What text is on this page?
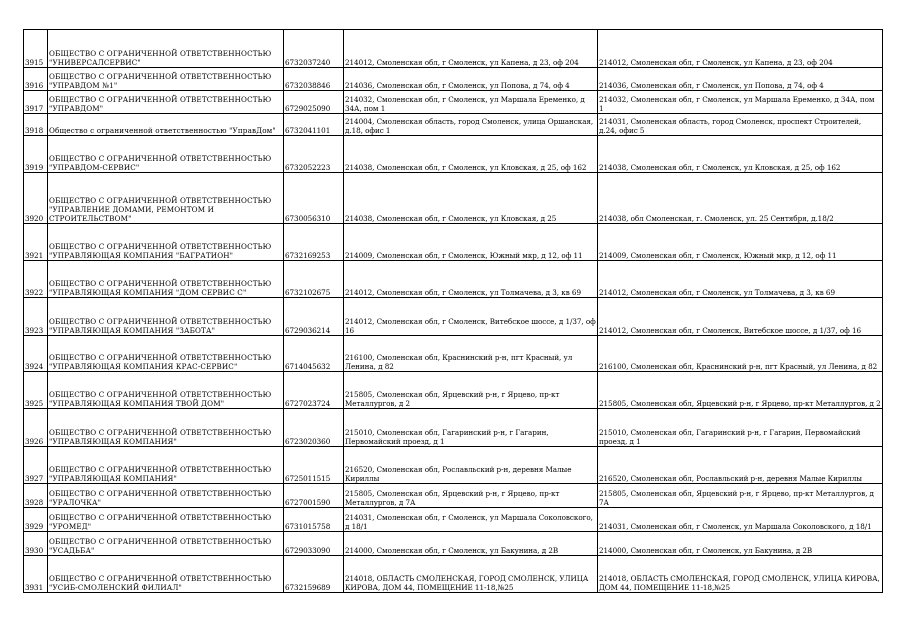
3915	ОБЩЕСТВО С ОГРАНИЧЕННОЙ ОТВЕТСТВЕННОСТЬЮ "УНИВЕРСАЛСЕРВИС"	6732037240	214012, Смоленская обл, г Смоленск, ул Капена, д 23, оф 204	214012, Смоленская обл, г Смоленск, ул Капена, д 23, оф 204
3916	ОБЩЕСТВО С ОГРАНИЧЕННОЙ ОТВЕТСТВЕННОСТЬЮ "УПРАВДОМ №1"	6732038846	214036, Смоленская обл, г Смоленск, ул Попова, д 74, оф 4	214036, Смоленская обл, г Смоленск, ул Попова, д 74, оф 4
3917	ОБЩЕСТВО С ОГРАНИЧЕННОЙ ОТВЕТСТВЕННОСТЬЮ "УПРАВДОМ"	6729025090	214032, Смоленская обл, г Смоленск, ул Маршала Еременко, д 34А, пом 1	214032, Смоленская обл, г Смоленск, ул Маршала Еременко, д 34А, пом 1
3918	Общество с ограниченной ответственностью "УправДом"	6732041101	214004, Смоленская область, город Смоленск, улица Оршанская, д.18, офис 1	214031, Смоленская область, город Смоленск, проспект Строителей, д.24, офис 5
3919	ОБЩЕСТВО С ОГРАНИЧЕННОЙ ОТВЕТСТВЕННОСТЬЮ "УПРАВДОМ-СЕРВИС"	6732052223	214038, Смоленская обл, г Смоленск, ул Кловская, д 25, оф 162	214038, Смоленская обл, г Смоленск, ул Кловская, д 25, оф 162
3920	ОБЩЕСТВО С ОГРАНИЧЕННОЙ ОТВЕТСТВЕННОСТЬЮ "УПРАВЛЕНИЕ ДОМАМИ, РЕМОНТОМ И СТРОИТЕЛЬСТВОМ"	6730056310	214038, Смоленская обл, г Смоленск, ул Кловская, д 25	214038, обл Смоленская, г. Смоленск, ул. 25 Сентября, д.18/2
3921	ОБЩЕСТВО С ОГРАНИЧЕННОЙ ОТВЕТСТВЕННОСТЬЮ "УПРАВЛЯЮЩАЯ КОМПАНИЯ "БАГРАТИОН"	6732169253	214009, Смоленская обл, г Смоленск, Южный мкр, д 12, оф 11	214009, Смоленская обл, г Смоленск, Южный мкр, д 12, оф 11
3922	ОБЩЕСТВО С ОГРАНИЧЕННОЙ ОТВЕТСТВЕННОСТЬЮ "УПРАВЛЯЮЩАЯ КОМПАНИЯ "ДОМ СЕРВИС С"	6732102675	214012, Смоленская обл, г Смоленск, ул Толмачева, д 3, кв 69	214012, Смоленская обл, г Смоленск, ул Толмачева, д 3, кв 69
3923	ОБЩЕСТВО С ОГРАНИЧЕННОЙ ОТВЕТСТВЕННОСТЬЮ "УПРАВЛЯЮЩАЯ КОМПАНИЯ "ЗАБОТА"	6729036214	214012, Смоленская обл, г Смоленск, Витебское шоссе, д 1/37, оф 16	214012, Смоленская обл, г Смоленск, Витебское шоссе, д 1/37, оф 16
3924	ОБЩЕСТВО С ОГРАНИЧЕННОЙ ОТВЕТСТВЕННОСТЬЮ "УПРАВЛЯЮЩАЯ КОМПАНИЯ КРАС-СЕРВИС"	6714045632	216100, Смоленская обл, Краснинский р-н, пгт Красный, ул Ленина, д 82	216100, Смоленская обл, Краснинский р-н, пгт Красный, ул Ленина, д 82
3925	ОБЩЕСТВО С ОГРАНИЧЕННОЙ ОТВЕТСТВЕННОСТЬЮ "УПРАВЛЯЮЩАЯ КОМПАНИЯ ТВОЙ ДОМ"	6727023724	215805, Смоленская обл, Ярцевский р-н, г Ярцево, пр-кт Металлургов, д 2	215805, Смоленская обл, Ярцевский р-н, г Ярцево, пр-кт Металлургов, д 2
3926	ОБЩЕСТВО С ОГРАНИЧЕННОЙ ОТВЕТСТВЕННОСТЬЮ "УПРАВЛЯЮЩАЯ КОМПАНИЯ"	6723020360	215010, Смоленская обл, Гагаринский р-н, г Гагарин, Первомайский проезд, д 1	215010, Смоленская обл, Гагаринский р-н, г Гагарин, Первомайский проезд, д 1
3927	ОБЩЕСТВО С ОГРАНИЧЕННОЙ ОТВЕТСТВЕННОСТЬЮ "УПРАВЛЯЮЩАЯ КОМПАНИЯ"	6725011515	216520, Смоленская обл, Рославльский р-н, деревня Малые Кириллы	216520, Смоленская обл, Рославльский р-н, деревня Малые Кириллы
3928	ОБЩЕСТВО С ОГРАНИЧЕННОЙ ОТВЕТСТВЕННОСТЬЮ "УРАЛОЧКА"	6727001590	215805, Смоленская обл, Ярцевский р-н, г Ярцево, пр-кт Металлургов, д 7А	215805, Смоленская обл, Ярцевский р-н, г Ярцево, пр-кт Металлургов, д 7А
3929	ОБЩЕСТВО С ОГРАНИЧЕННОЙ ОТВЕТСТВЕННОСТЬЮ "УРОМЕД"	6731015758	214031, Смоленская обл, г Смоленск, ул Маршала Соколовского, д 18/1	214031, Смоленская обл, г Смоленск, ул Маршала Соколовского, д 18/1
3930	ОБЩЕСТВО С ОГРАНИЧЕННОЙ ОТВЕТСТВЕННОСТЬЮ "УСАДЬБА"	6729033090	214000, Смоленская обл, г Смоленск, ул Бакунина, д 2В	214000, Смоленская обл, г Смоленск, ул Бакунина, д 2В
3931	ОБЩЕСТВО С ОГРАНИЧЕННОЙ ОТВЕТСТВЕННОСТЬЮ "УСИБ-СМОЛЕНСКИЙ ФИЛИАЛ"	6732159689	214018, ОБЛАСТЬ СМОЛЕНСКАЯ, ГОРОД СМОЛЕНСК, УЛИЦА КИРОВА, ДОМ 44, ПОМЕЩЕНИЕ 11-18,№25	214018, ОБЛАСТЬ СМОЛЕНСКАЯ, ГОРОД СМОЛЕНСК, УЛИЦА КИРОВА, ДОМ 44, ПОМЕЩЕНИЕ 11-18,№25
